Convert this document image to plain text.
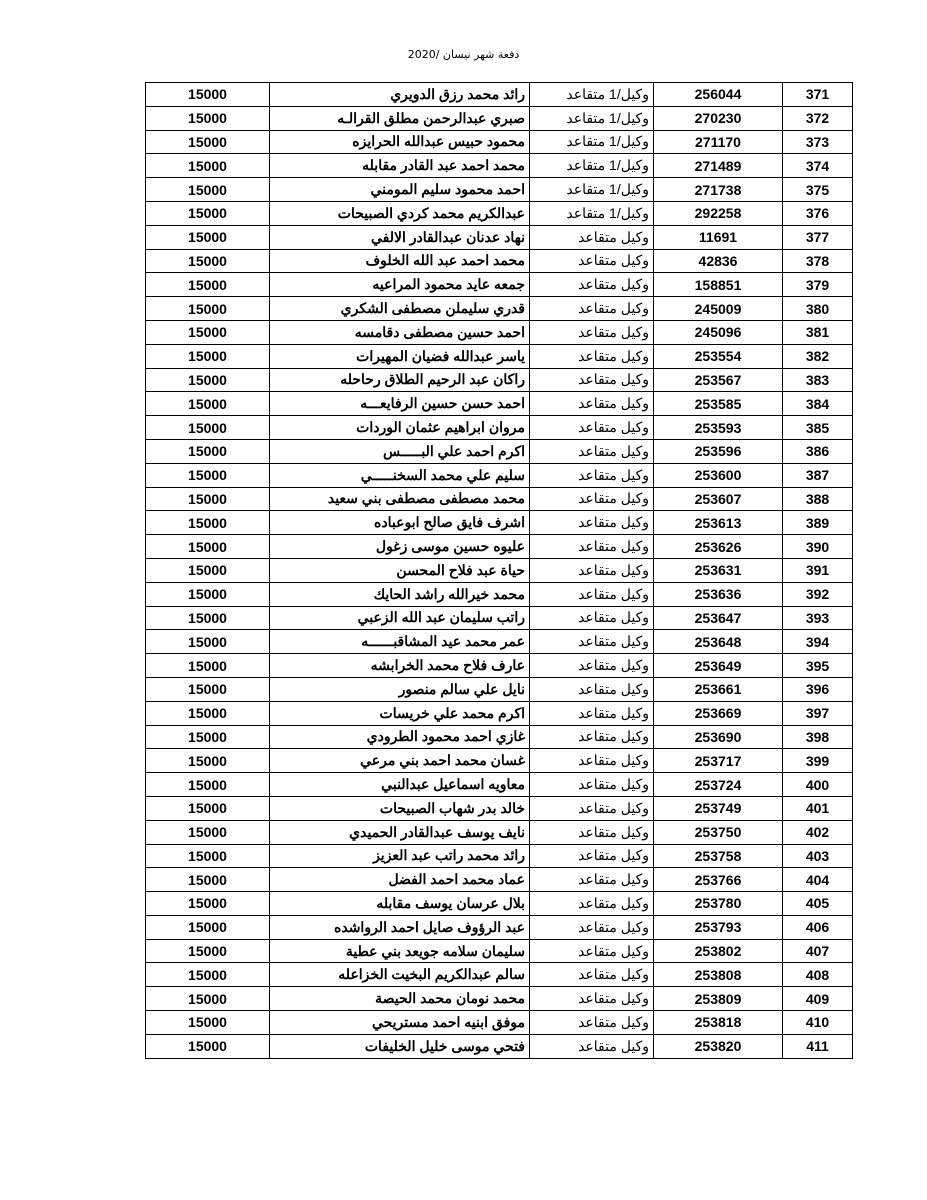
دفعة شهر نيسان /2020
15000	رائد محمد رزق الدويري	وكيل/1 متقاعد	256044	371
15000	صبري عبدالرحمن مطلق القرالـه	وكيل/1 متقاعد	270230	372
15000	محمود حبيس عبدالله الحرايزه	وكيل/1 متقاعد	271170	373
15000	محمد احمد عبد القادر مقابله	وكيل/1 متقاعد	271489	374
15000	احمد محمود سليم المومني	وكيل/1 متقاعد	271738	375
15000	عبدالكريم محمد كردي الصبيحات	وكيل/1 متقاعد	292258	376
15000	نهاد عدنان عبدالقادر الالفي	وكيل متقاعد	11691	377
15000	محمد احمد عبد الله الخلوف	وكيل متقاعد	42836	378
15000	جمعه عايد محمود المراعيه	وكيل متقاعد	158851	379
15000	قدري سليملن مصطفى الشكري	وكيل متقاعد	245009	380
15000	احمد حسين مصطفى دقامسه	وكيل متقاعد	245096	381
15000	ياسر عبدالله فضيان المهيرات	وكيل متقاعد	253554	382
15000	راكان عبد الرحيم الطلاق رحاحله	وكيل متقاعد	253567	383
15000	احمد حسن حسين الرفايعـــه	وكيل متقاعد	253585	384
15000	مروان ابراهيم عثمان الوردات	وكيل متقاعد	253593	385
15000	اكرم احمد علي البـــــس	وكيل متقاعد	253596	386
15000	سليم علي محمد السخنـــــي	وكيل متقاعد	253600	387
15000	محمد مصطفى مصطفى بني سعيد	وكيل متقاعد	253607	388
15000	اشرف فايق صالح ابوعباده	وكيل متقاعد	253613	389
15000	عليوه حسين موسى زغول	وكيل متقاعد	253626	390
15000	حياة عبد فلاح المحسن	وكيل متقاعد	253631	391
15000	محمد خيرالله راشد الحايك	وكيل متقاعد	253636	392
15000	راتب سليمان عبد الله الزعبي	وكيل متقاعد	253647	393
15000	عمر محمد عيد المشاقبــــــه	وكيل متقاعد	253648	394
15000	عارف فلاح محمد الخرابشه	وكيل متقاعد	253649	395
15000	نايل علي سالم منصور	وكيل متقاعد	253661	396
15000	اكرم محمد علي خريسات	وكيل متقاعد	253669	397
15000	غازي احمد محمود الطرودي	وكيل متقاعد	253690	398
15000	غسان محمد احمد بني مرعي	وكيل متقاعد	253717	399
15000	معاويه اسماعيل عبدالنبي	وكيل متقاعد	253724	400
15000	خالد بدر شهاب الصبيحات	وكيل متقاعد	253749	401
15000	نايف يوسف عبدالقادر الحميدي	وكيل متقاعد	253750	402
15000	رائد محمد راتب عبد العزيز	وكيل متقاعد	253758	403
15000	عماد محمد احمد الفضل	وكيل متقاعد	253766	404
15000	بلال عرسان يوسف مقابله	وكيل متقاعد	253780	405
15000	عبد الرؤوف صايل احمد الرواشده	وكيل متقاعد	253793	406
15000	سليمان سلامه جويعد بني عطية	وكيل متقاعد	253802	407
15000	سالم عبدالكريم البخيت الخزاعله	وكيل متقاعد	253808	408
15000	محمد نومان محمد الحيصة	وكيل متقاعد	253809	409
15000	موفق ابنيه احمد مستريحي	وكيل متقاعد	253818	410
15000	فتحي موسى خليل الخليفات	وكيل متقاعد	253820	411
